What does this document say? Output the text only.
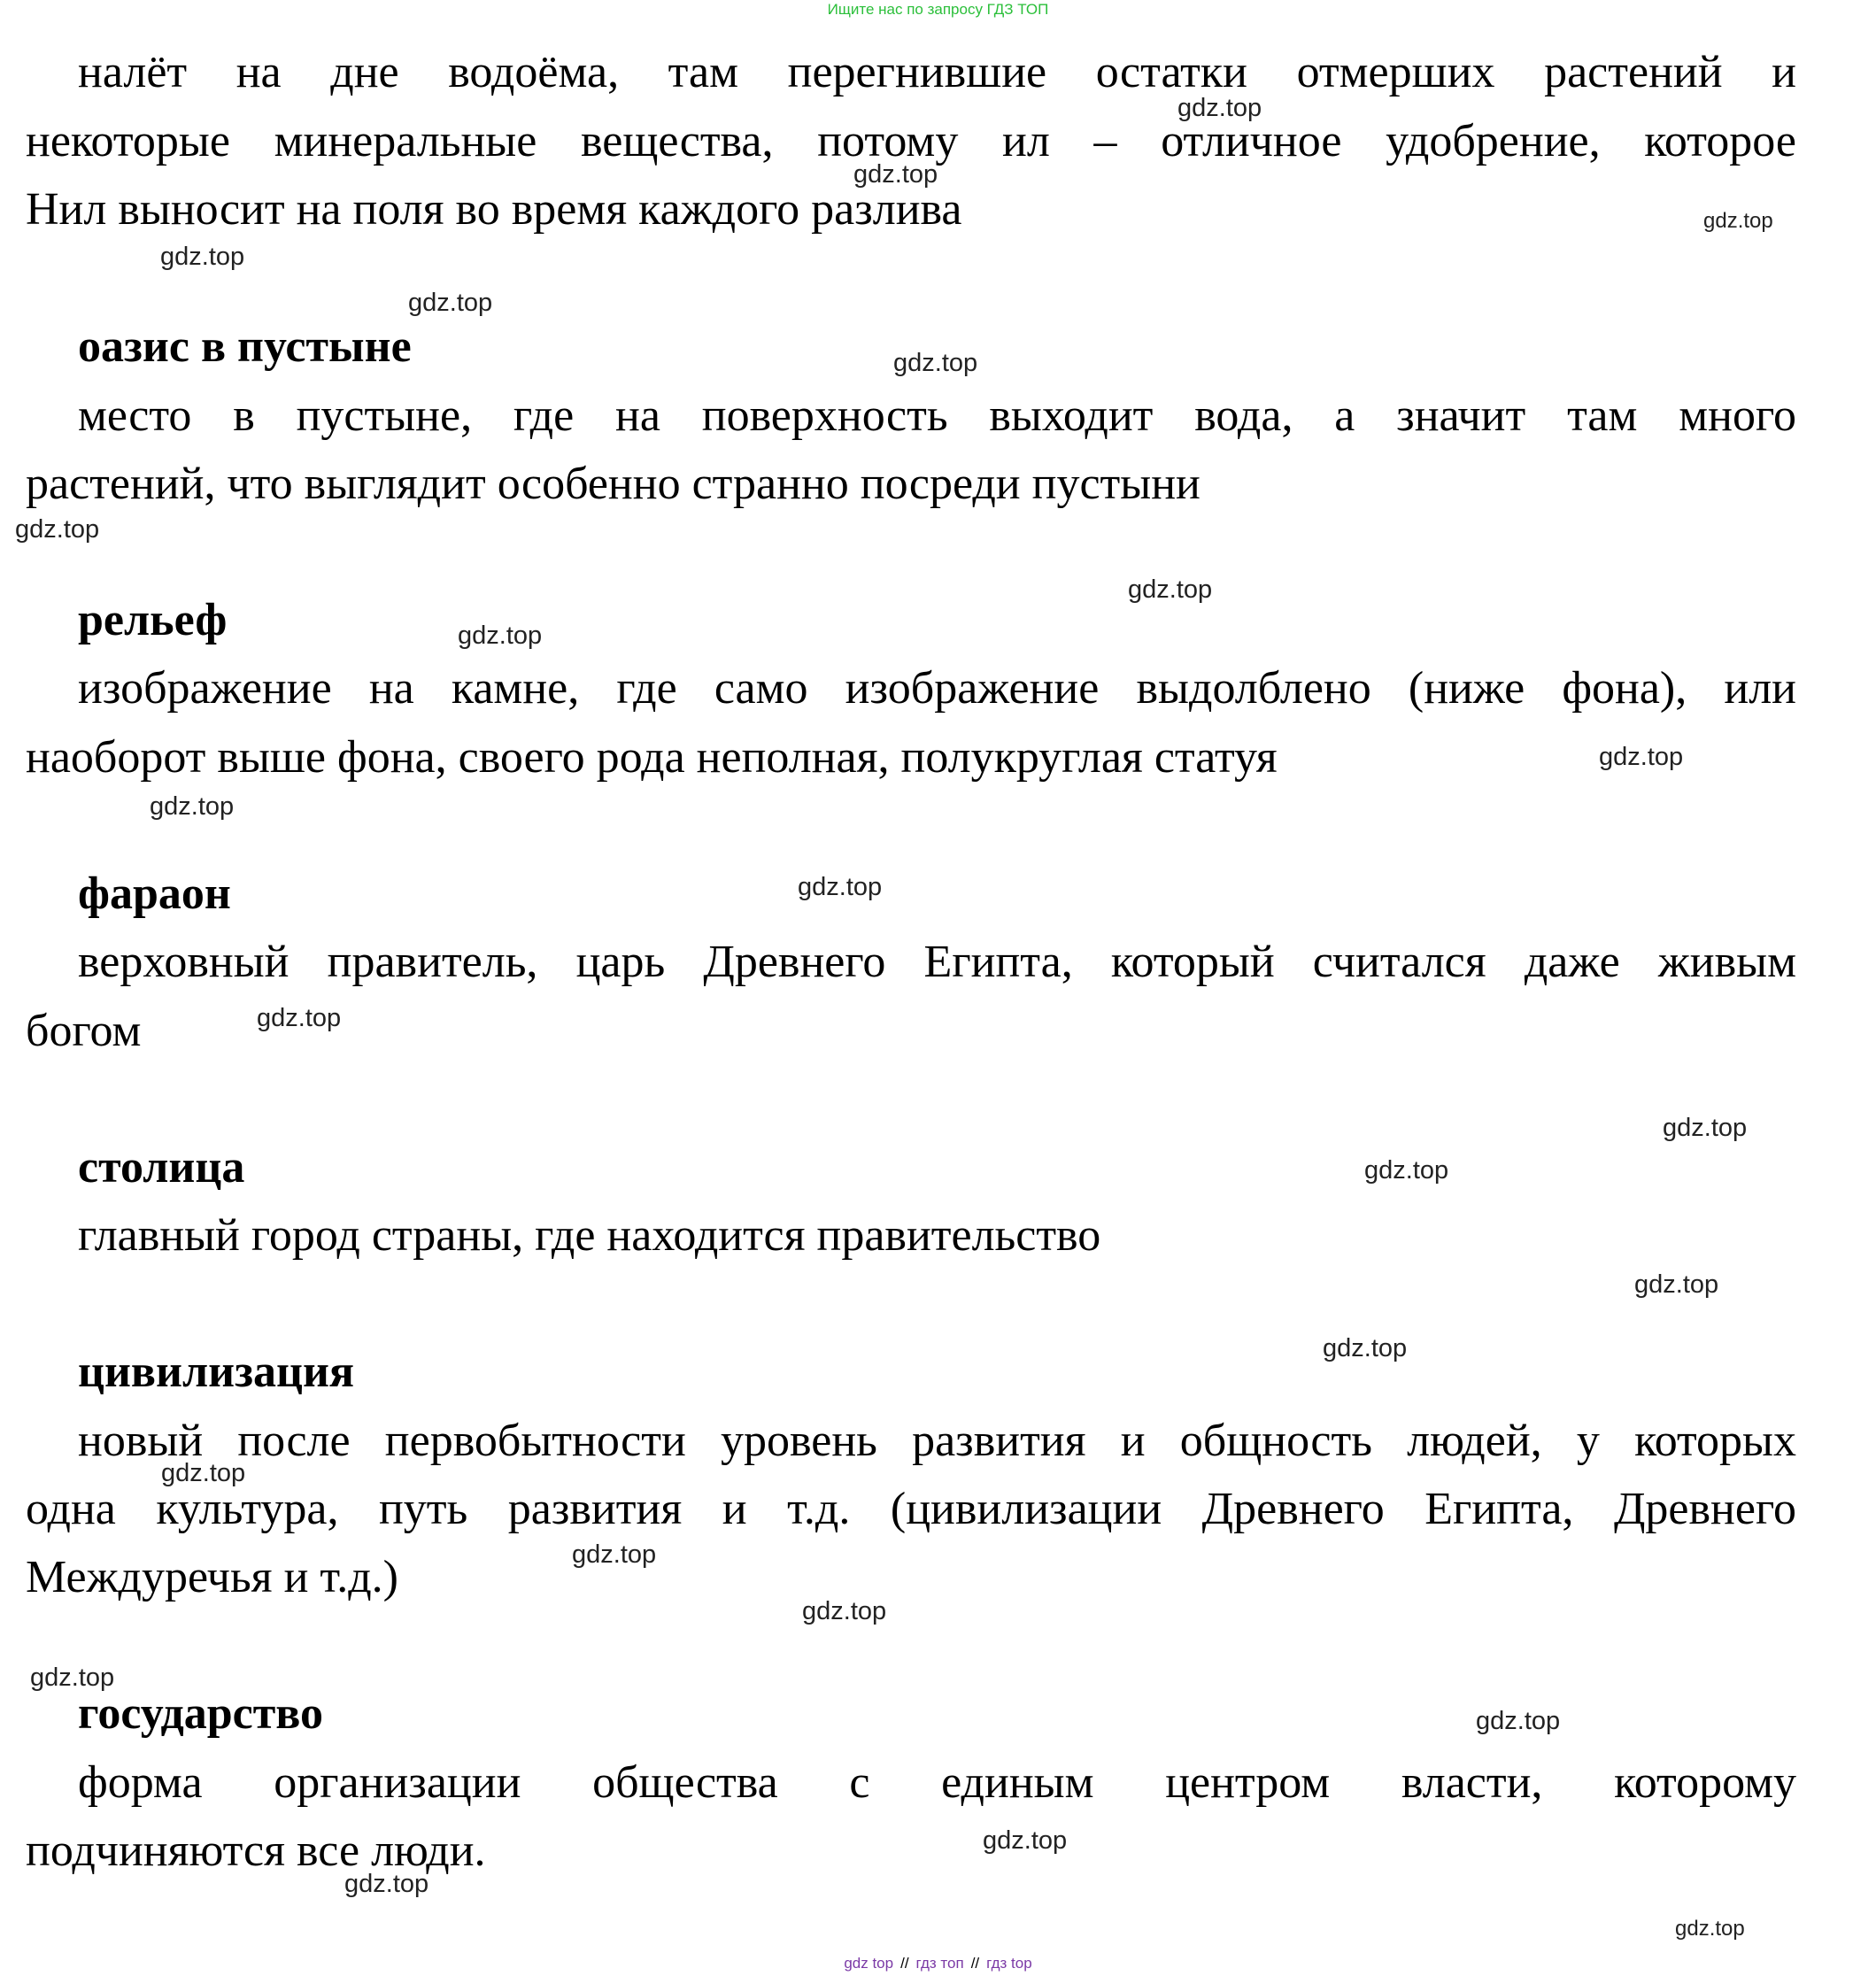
Ищите нас по запросу ГДЗ ТОП
налёт на дне водоёма, там перегнившие остатки отмерших растений и
некоторые минеральные вещества, потому ил – отличное удобрение, которое
Нил выносит на поля во время каждого разлива
оазис в пустыне
место в пустыне, где на поверхность выходит вода, а значит там много
растений, что выглядит особенно странно посреди пустыни
рельеф
изображение на камне, где само изображение выдолблено (ниже фона), или
наоборот выше фона, своего рода неполная, полукруглая статуя
фараон
верховный правитель, царь Древнего Египта, который считался даже живым
богом
столица
главный город страны, где находится правительство
цивилизация
новый после первобытности уровень развития и общность людей, у которых
одна культура, путь развития и т.д. (цивилизации Древнего Египта, Древнего
Междуречья и т.д.)
государство
форма организации общества с единым центром власти, которому
подчиняются все люди.
gdz.top
gdz.top
gdz.top
gdz.top
gdz.top
gdz.top
gdz.top
gdz.top
gdz.top
gdz.top
gdz.top
gdz.top
gdz.top
gdz.top
gdz.top
gdz.top
gdz.top
gdz.top
gdz.top
gdz.top
gdz.top
gdz.top
gdz.top
gdz.top
gdz.top
gdz top // гдз топ // гдз top
